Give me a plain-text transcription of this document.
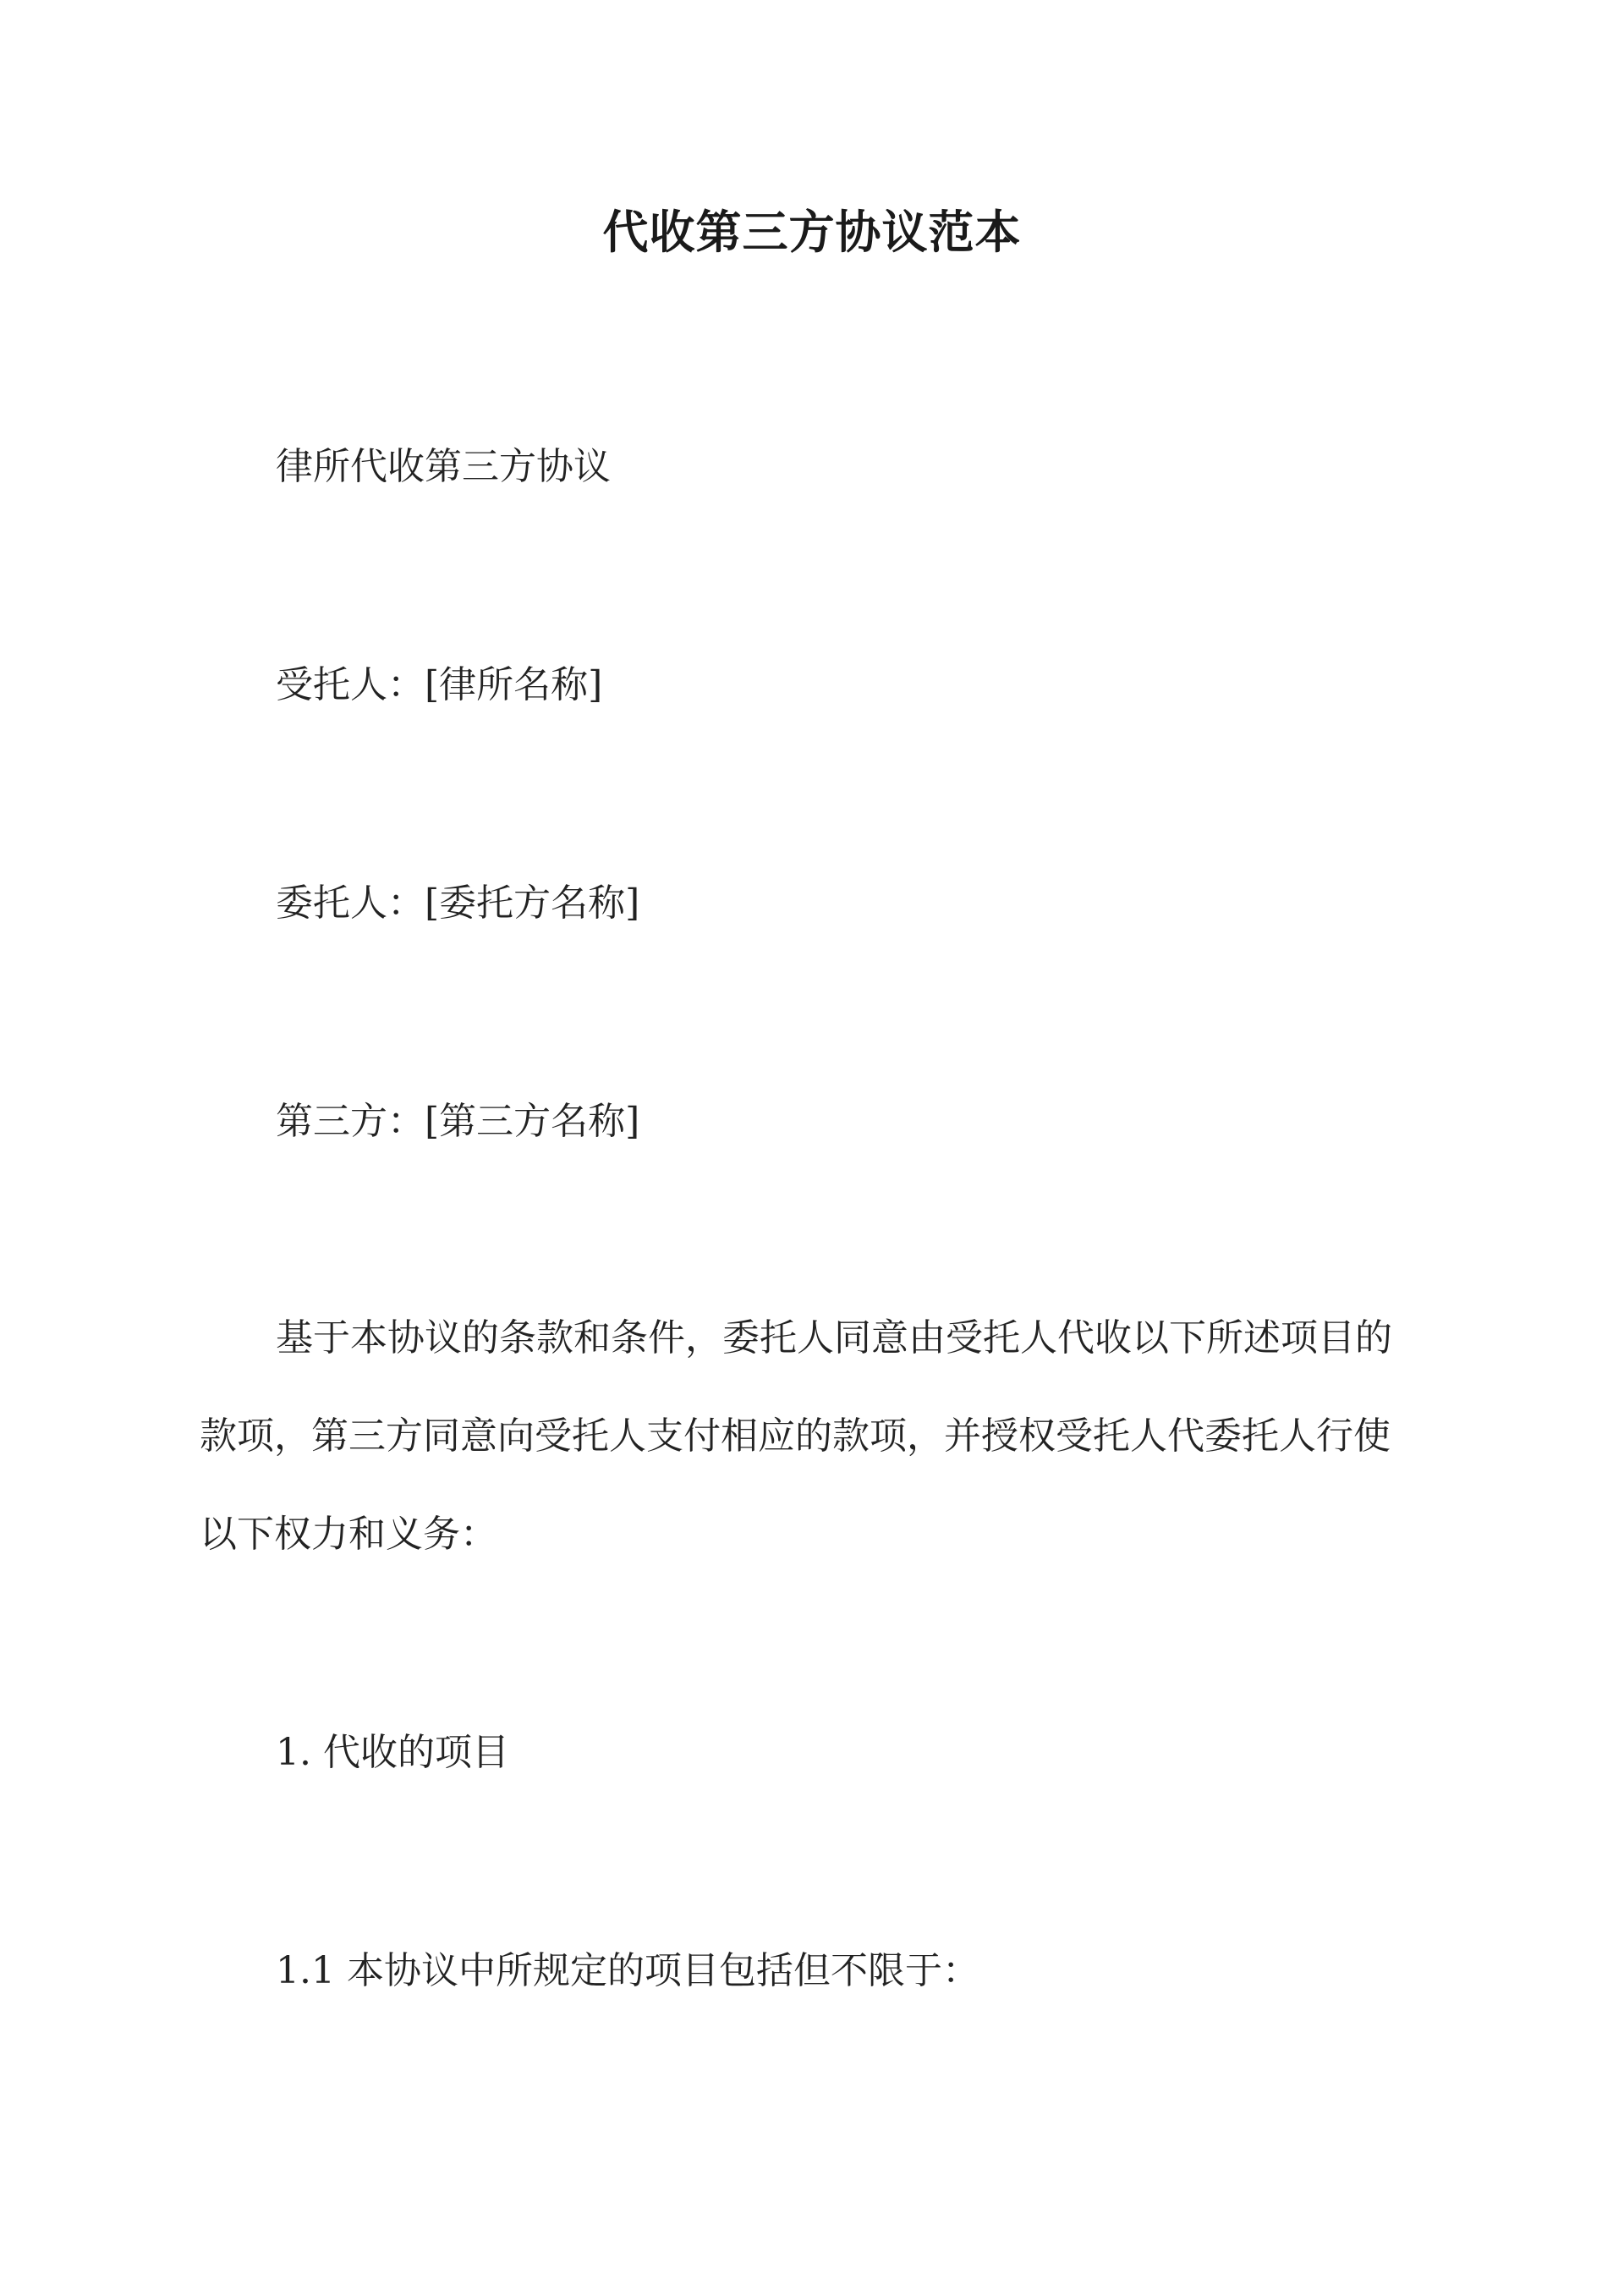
代收第三方协议范本
律所代收第三方协议
受托人：[律所名称]
委托人：[委托方名称]
第三方：[第三方名称]
基于本协议的条款和条件，委托人同意由受托人代收以下所述项目的
款项，第三方同意向受托人支付相应的款项，并授权受托人代委托人行使
以下权力和义务：
1. 代收的项目
1.1 本协议中所规定的项目包括但不限于：
